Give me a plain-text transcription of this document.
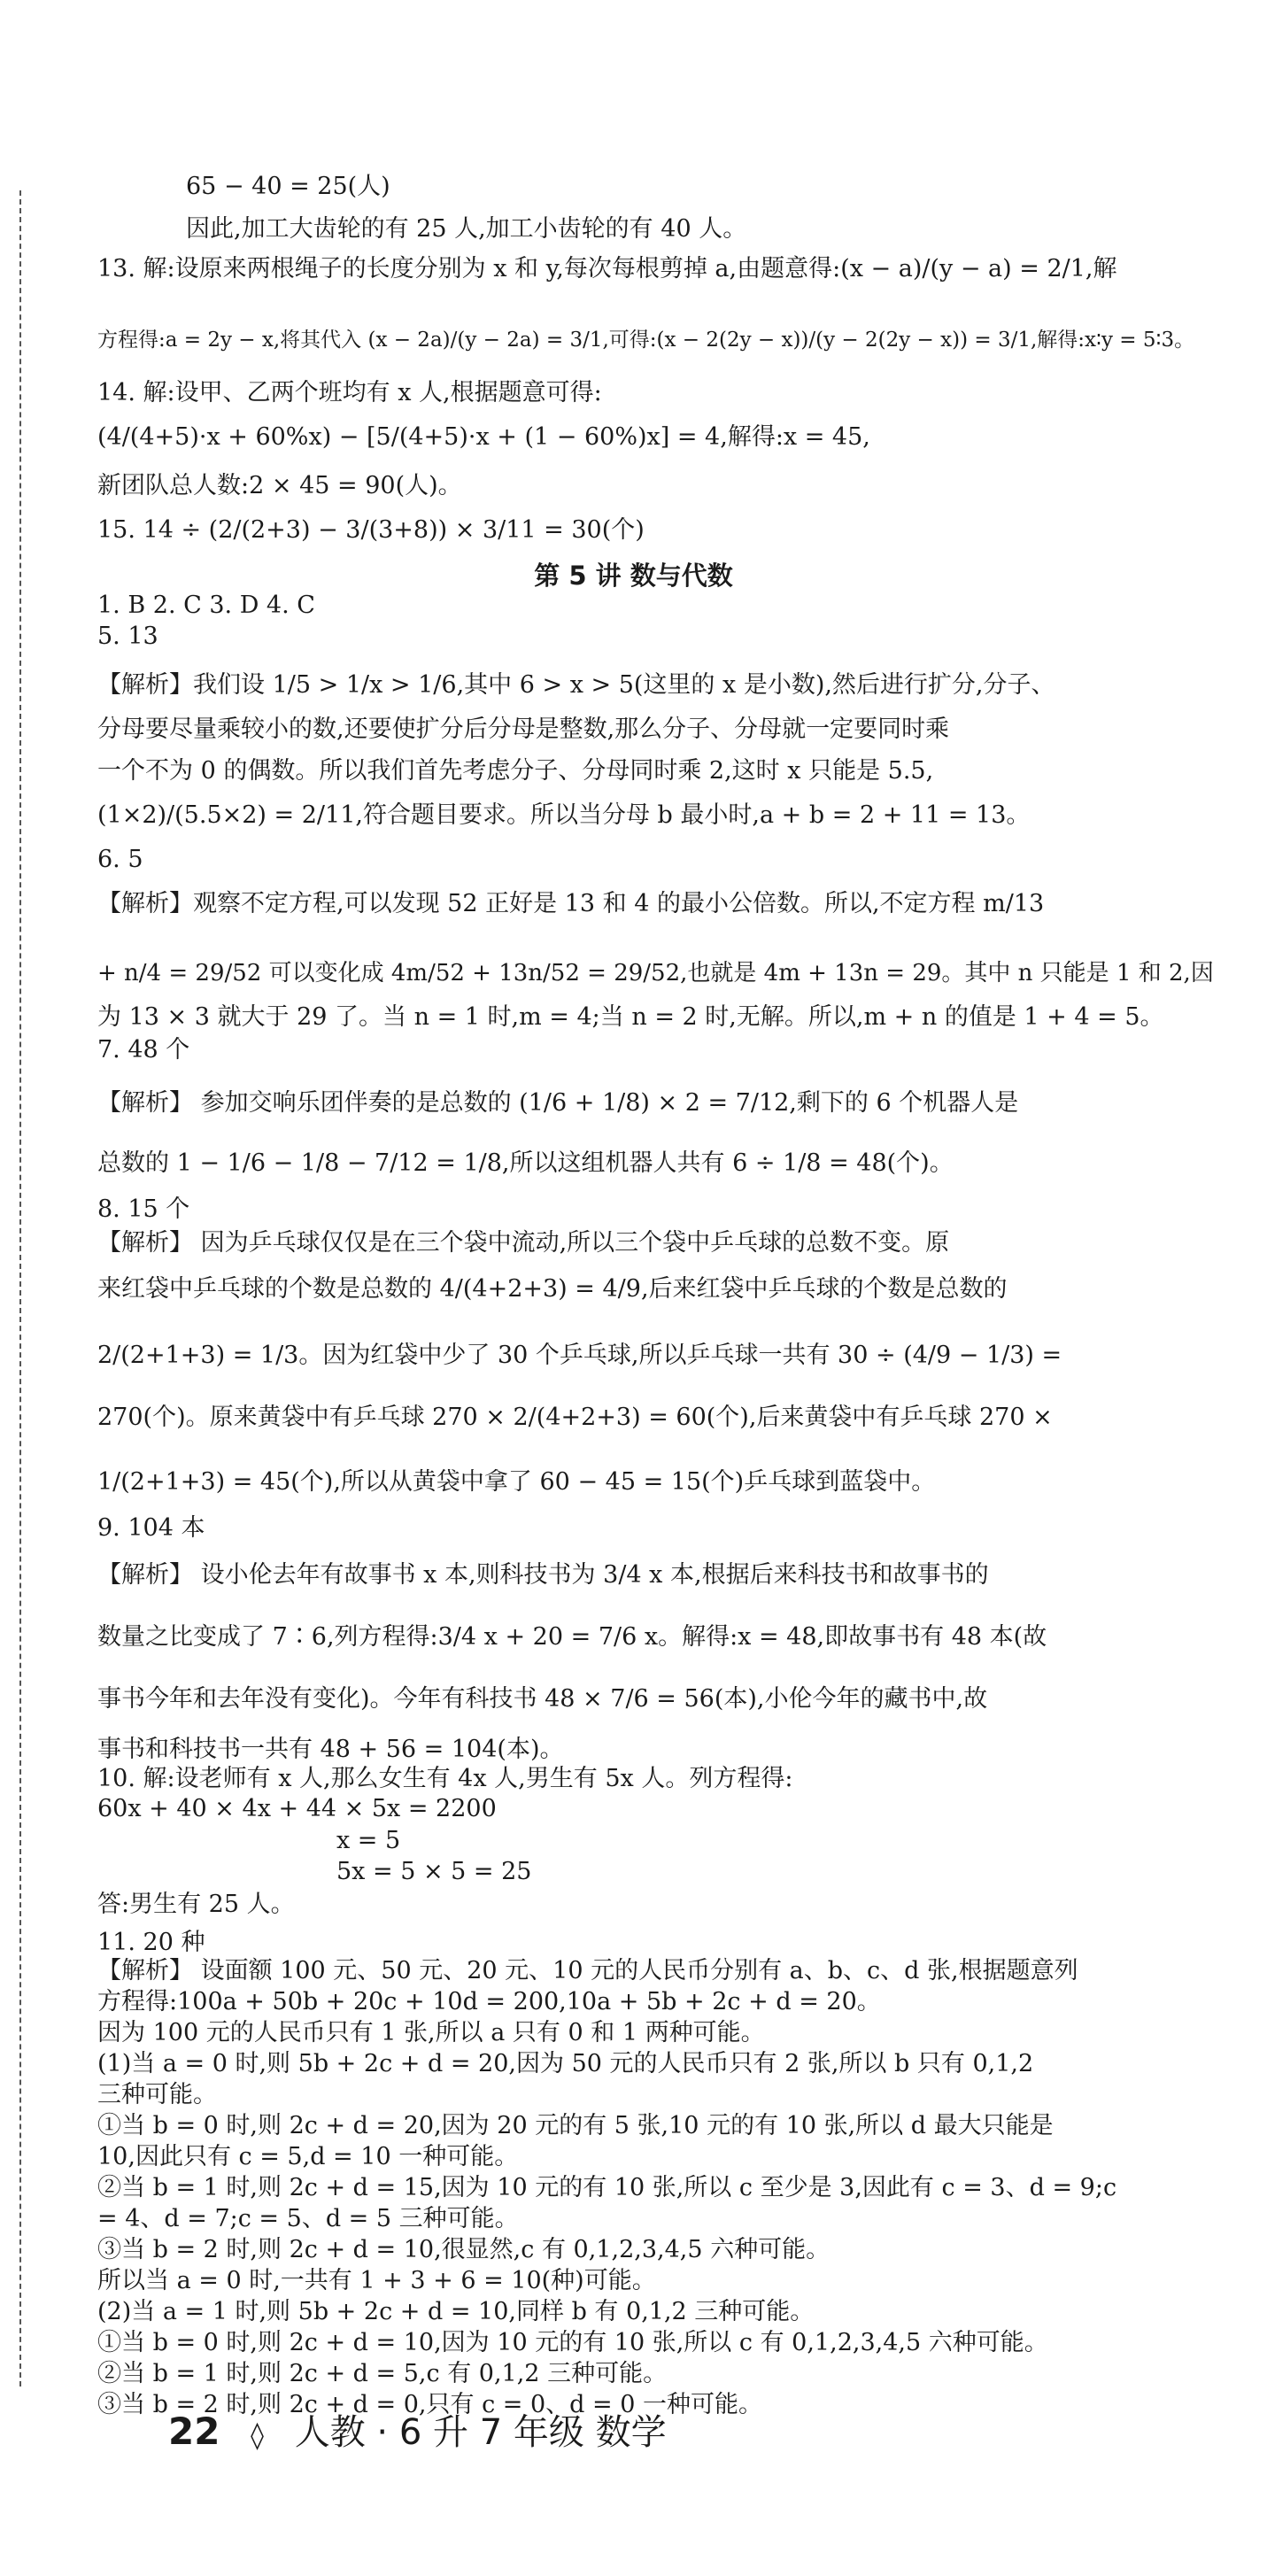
65 − 40 = 25(人)
因此,加工大齿轮的有 25 人,加工小齿轮的有 40 人。
13. 解:设原来两根绳子的长度分别为 x 和 y,每次每根剪掉 a,由题意得:(x − a)/(y − a) = 2/1,解
方程得:a = 2y − x,将其代入 (x − 2a)/(y − 2a) = 3/1,可得:(x − 2(2y − x))/(y − 2(2y − x)) = 3/1,解得:x∶y = 5∶3。
14. 解:设甲、乙两个班均有 x 人,根据题意可得:
(4/(4+5)·x + 60%x) − [5/(4+5)·x + (1 − 60%)x] = 4,解得:x = 45,
新团队总人数:2 × 45 = 90(人)。
15. 14 ÷ (2/(2+3) − 3/(3+8)) × 3/11 = 30(个)
1. B 2. C 3. D 4. C
5. 13
【解析】我们设 1/5 > 1/x > 1/6,其中 6 > x > 5(这里的 x 是小数),然后进行扩分,分子、
分母要尽量乘较小的数,还要使扩分后分母是整数,那么分子、分母就一定要同时乘
一个不为 0 的偶数。所以我们首先考虑分子、分母同时乘 2,这时 x 只能是 5.5,
(1×2)/(5.5×2) = 2/11,符合题目要求。所以当分母 b 最小时,a + b = 2 + 11 = 13。
6. 5
【解析】观察不定方程,可以发现 52 正好是 13 和 4 的最小公倍数。所以,不定方程 m/13
+ n/4 = 29/52 可以变化成 4m/52 + 13n/52 = 29/52,也就是 4m + 13n = 29。其中 n 只能是 1 和 2,因
为 13 × 3 就大于 29 了。当 n = 1 时,m = 4;当 n = 2 时,无解。所以,m + n 的值是 1 + 4 = 5。
7. 48 个
【解析】 参加交响乐团伴奏的是总数的 (1/6 + 1/8) × 2 = 7/12,剩下的 6 个机器人是
总数的 1 − 1/6 − 1/8 − 7/12 = 1/8,所以这组机器人共有 6 ÷ 1/8 = 48(个)。
8. 15 个
【解析】 因为乒乓球仅仅是在三个袋中流动,所以三个袋中乒乓球的总数不变。原
来红袋中乒乓球的个数是总数的 4/(4+2+3) = 4/9,后来红袋中乒乓球的个数是总数的
2/(2+1+3) = 1/3。因为红袋中少了 30 个乒乓球,所以乒乓球一共有 30 ÷ (4/9 − 1/3) =
270(个)。原来黄袋中有乒乓球 270 × 2/(4+2+3) = 60(个),后来黄袋中有乒乓球 270 ×
1/(2+1+3) = 45(个),所以从黄袋中拿了 60 − 45 = 15(个)乒乓球到蓝袋中。
9. 104 本
【解析】 设小伦去年有故事书 x 本,则科技书为 3/4 x 本,根据后来科技书和故事书的
数量之比变成了 7∶6,列方程得:3/4 x + 20 = 7/6 x。解得:x = 48,即故事书有 48 本(故
事书今年和去年没有变化)。今年有科技书 48 × 7/6 = 56(本),小伦今年的藏书中,故
事书和科技书一共有 48 + 56 = 104(本)。
10. 解:设老师有 x 人,那么女生有 4x 人,男生有 5x 人。列方程得:
60x + 40 × 4x + 44 × 5x = 2200
x = 5
5x = 5 × 5 = 25
答:男生有 25 人。
11. 20 种
【解析】 设面额 100 元、50 元、20 元、10 元的人民币分别有 a、b、c、d 张,根据题意列
方程得:100a + 50b + 20c + 10d = 200,10a + 5b + 2c + d = 20。
因为 100 元的人民币只有 1 张,所以 a 只有 0 和 1 两种可能。
(1)当 a = 0 时,则 5b + 2c + d = 20,因为 50 元的人民币只有 2 张,所以 b 只有 0,1,2
三种可能。
①当 b = 0 时,则 2c + d = 20,因为 20 元的有 5 张,10 元的有 10 张,所以 d 最大只能是
10,因此只有 c = 5,d = 10 一种可能。
②当 b = 1 时,则 2c + d = 15,因为 10 元的有 10 张,所以 c 至少是 3,因此有 c = 3、d = 9;c
= 4、d = 7;c = 5、d = 5 三种可能。
③当 b = 2 时,则 2c + d = 10,很显然,c 有 0,1,2,3,4,5 六种可能。
所以当 a = 0 时,一共有 1 + 3 + 6 = 10(种)可能。
(2)当 a = 1 时,则 5b + 2c + d = 10,同样 b 有 0,1,2 三种可能。
①当 b = 0 时,则 2c + d = 10,因为 10 元的有 10 张,所以 c 有 0,1,2,3,4,5 六种可能。
②当 b = 1 时,则 2c + d = 5,c 有 0,1,2 三种可能。
③当 b = 2 时,则 2c + d = 0,只有 c = 0、d = 0 一种可能。
第 5 讲 数与代数
22 ◊ 人教 · 6 升 7 年级 数学
